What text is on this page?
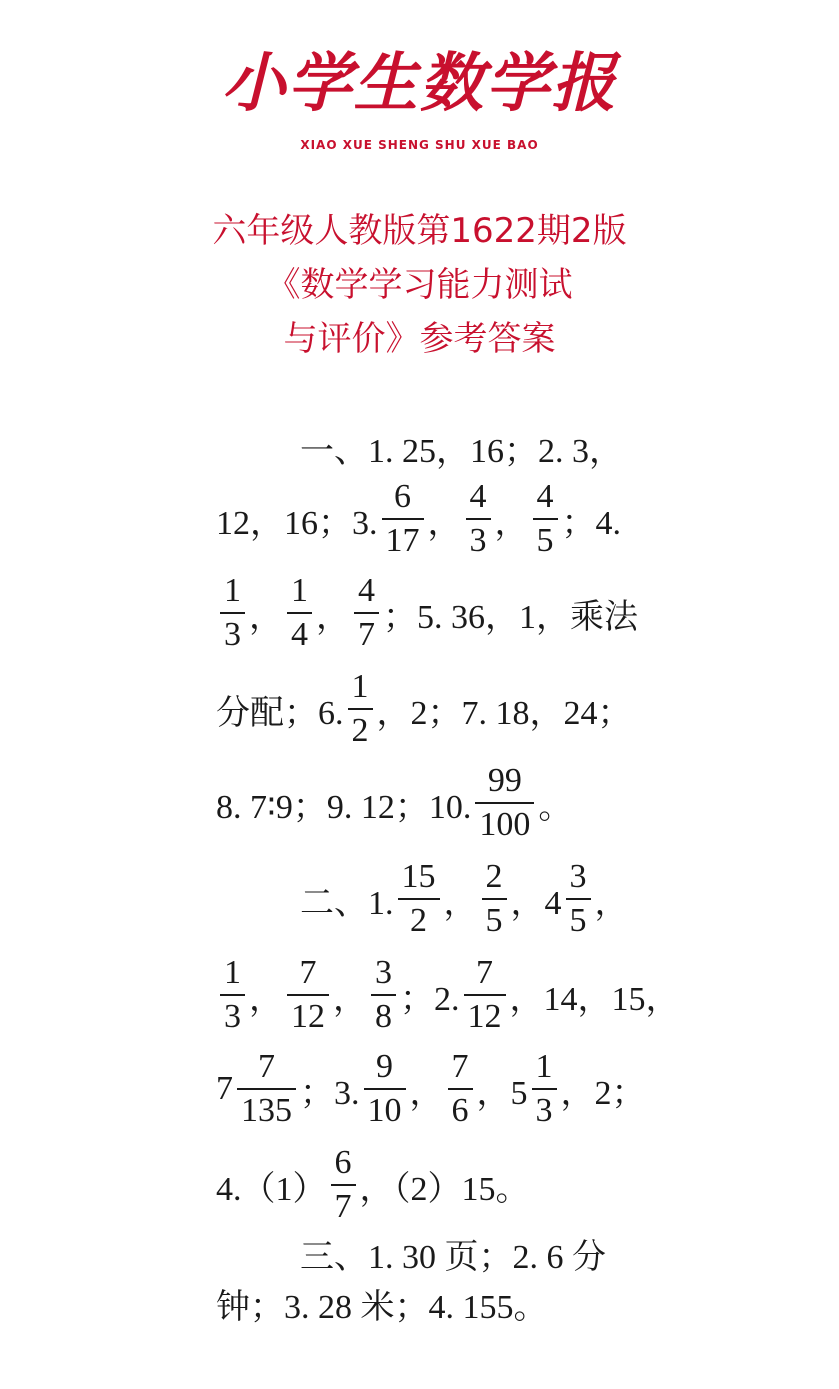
小学生数学报
XIAO XUE SHENG SHU XUE BAO
六年级人教版第1622期2版
《数学学习能力测试
与评价》参考答案
一、1. 25，16；2. 3，
12，16；3. $\frac{6}{17}$ ， $\frac{4}{3}$ ， $\frac{4}{5}$ ；4.
$\frac{1}{3}$ ， $\frac{1}{4}$ ， $\frac{4}{7}$ ；5. 36，1，乘法
分配；6. $\frac{1}{2}$ ，2；7. 18，24；
8. 7∶9；9. 12；10. $\frac{99}{100}$ 。
二、1. $\frac{15}{2}$ ， $\frac{2}{5}$ ，$4 \frac{3}{5}$ ，
$\frac{1}{3}$ ， $\frac{7}{12}$ ， $\frac{3}{8}$ ；2. $\frac{7}{12}$ ，14，15，
$7 \frac{7}{135}$ ；3. $\frac{9}{10}$ ， $\frac{7}{6}$ ，$5 \frac{1}{3}$ ，2；
$4.(1) \frac{6}{7}$ ，（2）15。
三、1. 30 页；2. 6 分
钟；3. 28 米；4. 155。
